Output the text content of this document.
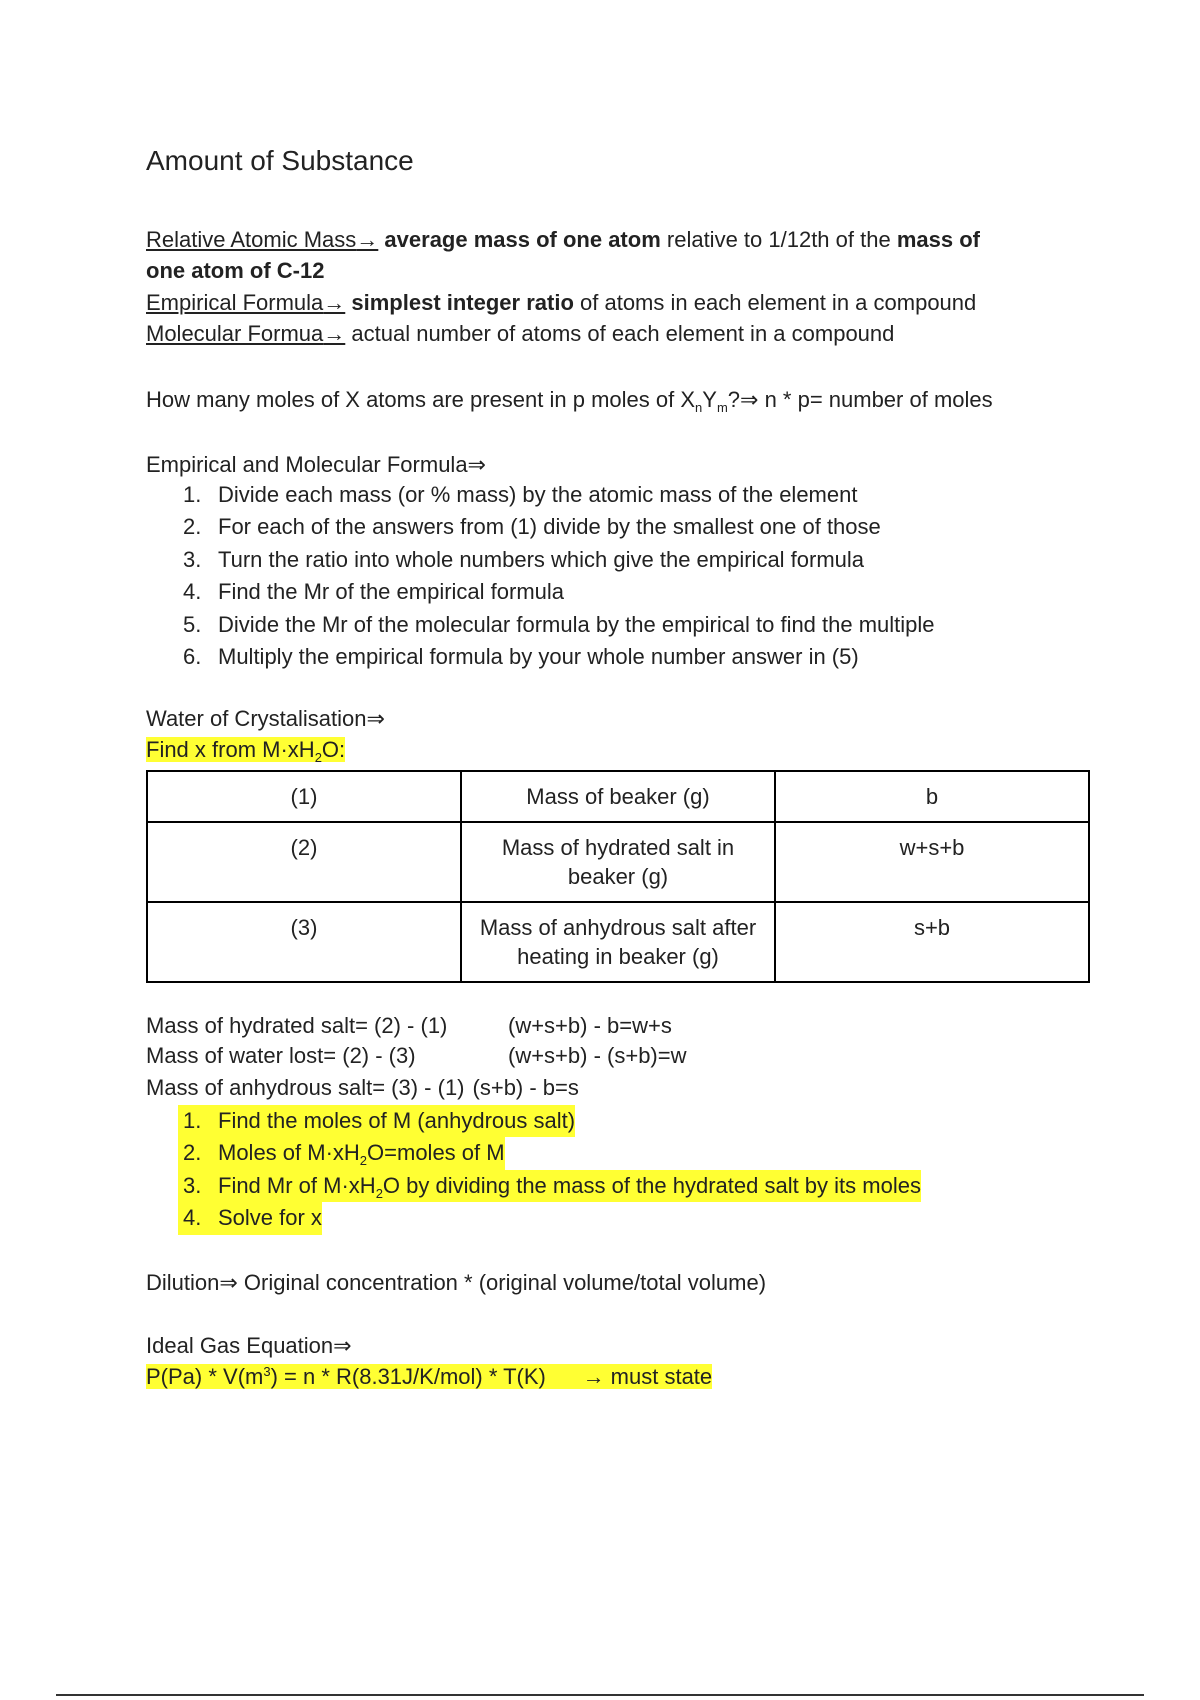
Amount of Substance
Relative Atomic Mass→ average mass of one atom relative to 1/12th of the mass of
one atom of C-12
Empirical Formula→ simplest integer ratio of atoms in each element in a compound
Molecular Formua→ actual number of atoms of each element in a compound
How many moles of X atoms are present in p moles of $X_nY_m?\Rightarrow$ n * p= number of moles
Empirical and Molecular Formula⇒
1. Divide each mass (or % mass) by the atomic mass of the element
2. For each of the answers from (1) divide by the smallest one of those
3. Turn the ratio into whole numbers which give the empirical formula
4. Find the Mr of the empirical formula
5. Divide the Mr of the molecular formula by the empirical to find the multiple
6. Multiply the empirical formula by your whole number answer in (5)
Water of Crystalisation⇒
Find x from $M\cdot xH_2O$:
(1)	Mass of beaker (g)	b
(2)	Mass of hydrated salt in beaker (g)	w+s+b
(3)	Mass of anhydrous salt after heating in beaker (g)	s+b
Mass of hydrated salt= (2) - (1)	(w+s+b) - b=w+s
Mass of water lost= (2) - (3)	(w+s+b) - (s+b)=w
Mass of anhydrous salt= (3) - (1) (s+b) - b=s
1. Find the moles of M (anhydrous salt)
2. Moles of $M\cdot xH_2O=moles$ of M
3. Find Mr of $M\cdot xH_2O$ by dividing the mass of the hydrated salt by its moles
4. Solve for x
Dilution⇒ Original concentration * (original volume/total volume)
Ideal Gas Equation⇒
$P(Pa) * V(m^3) = n * R(8.31J/K/mol) * T(K)$ → must state
